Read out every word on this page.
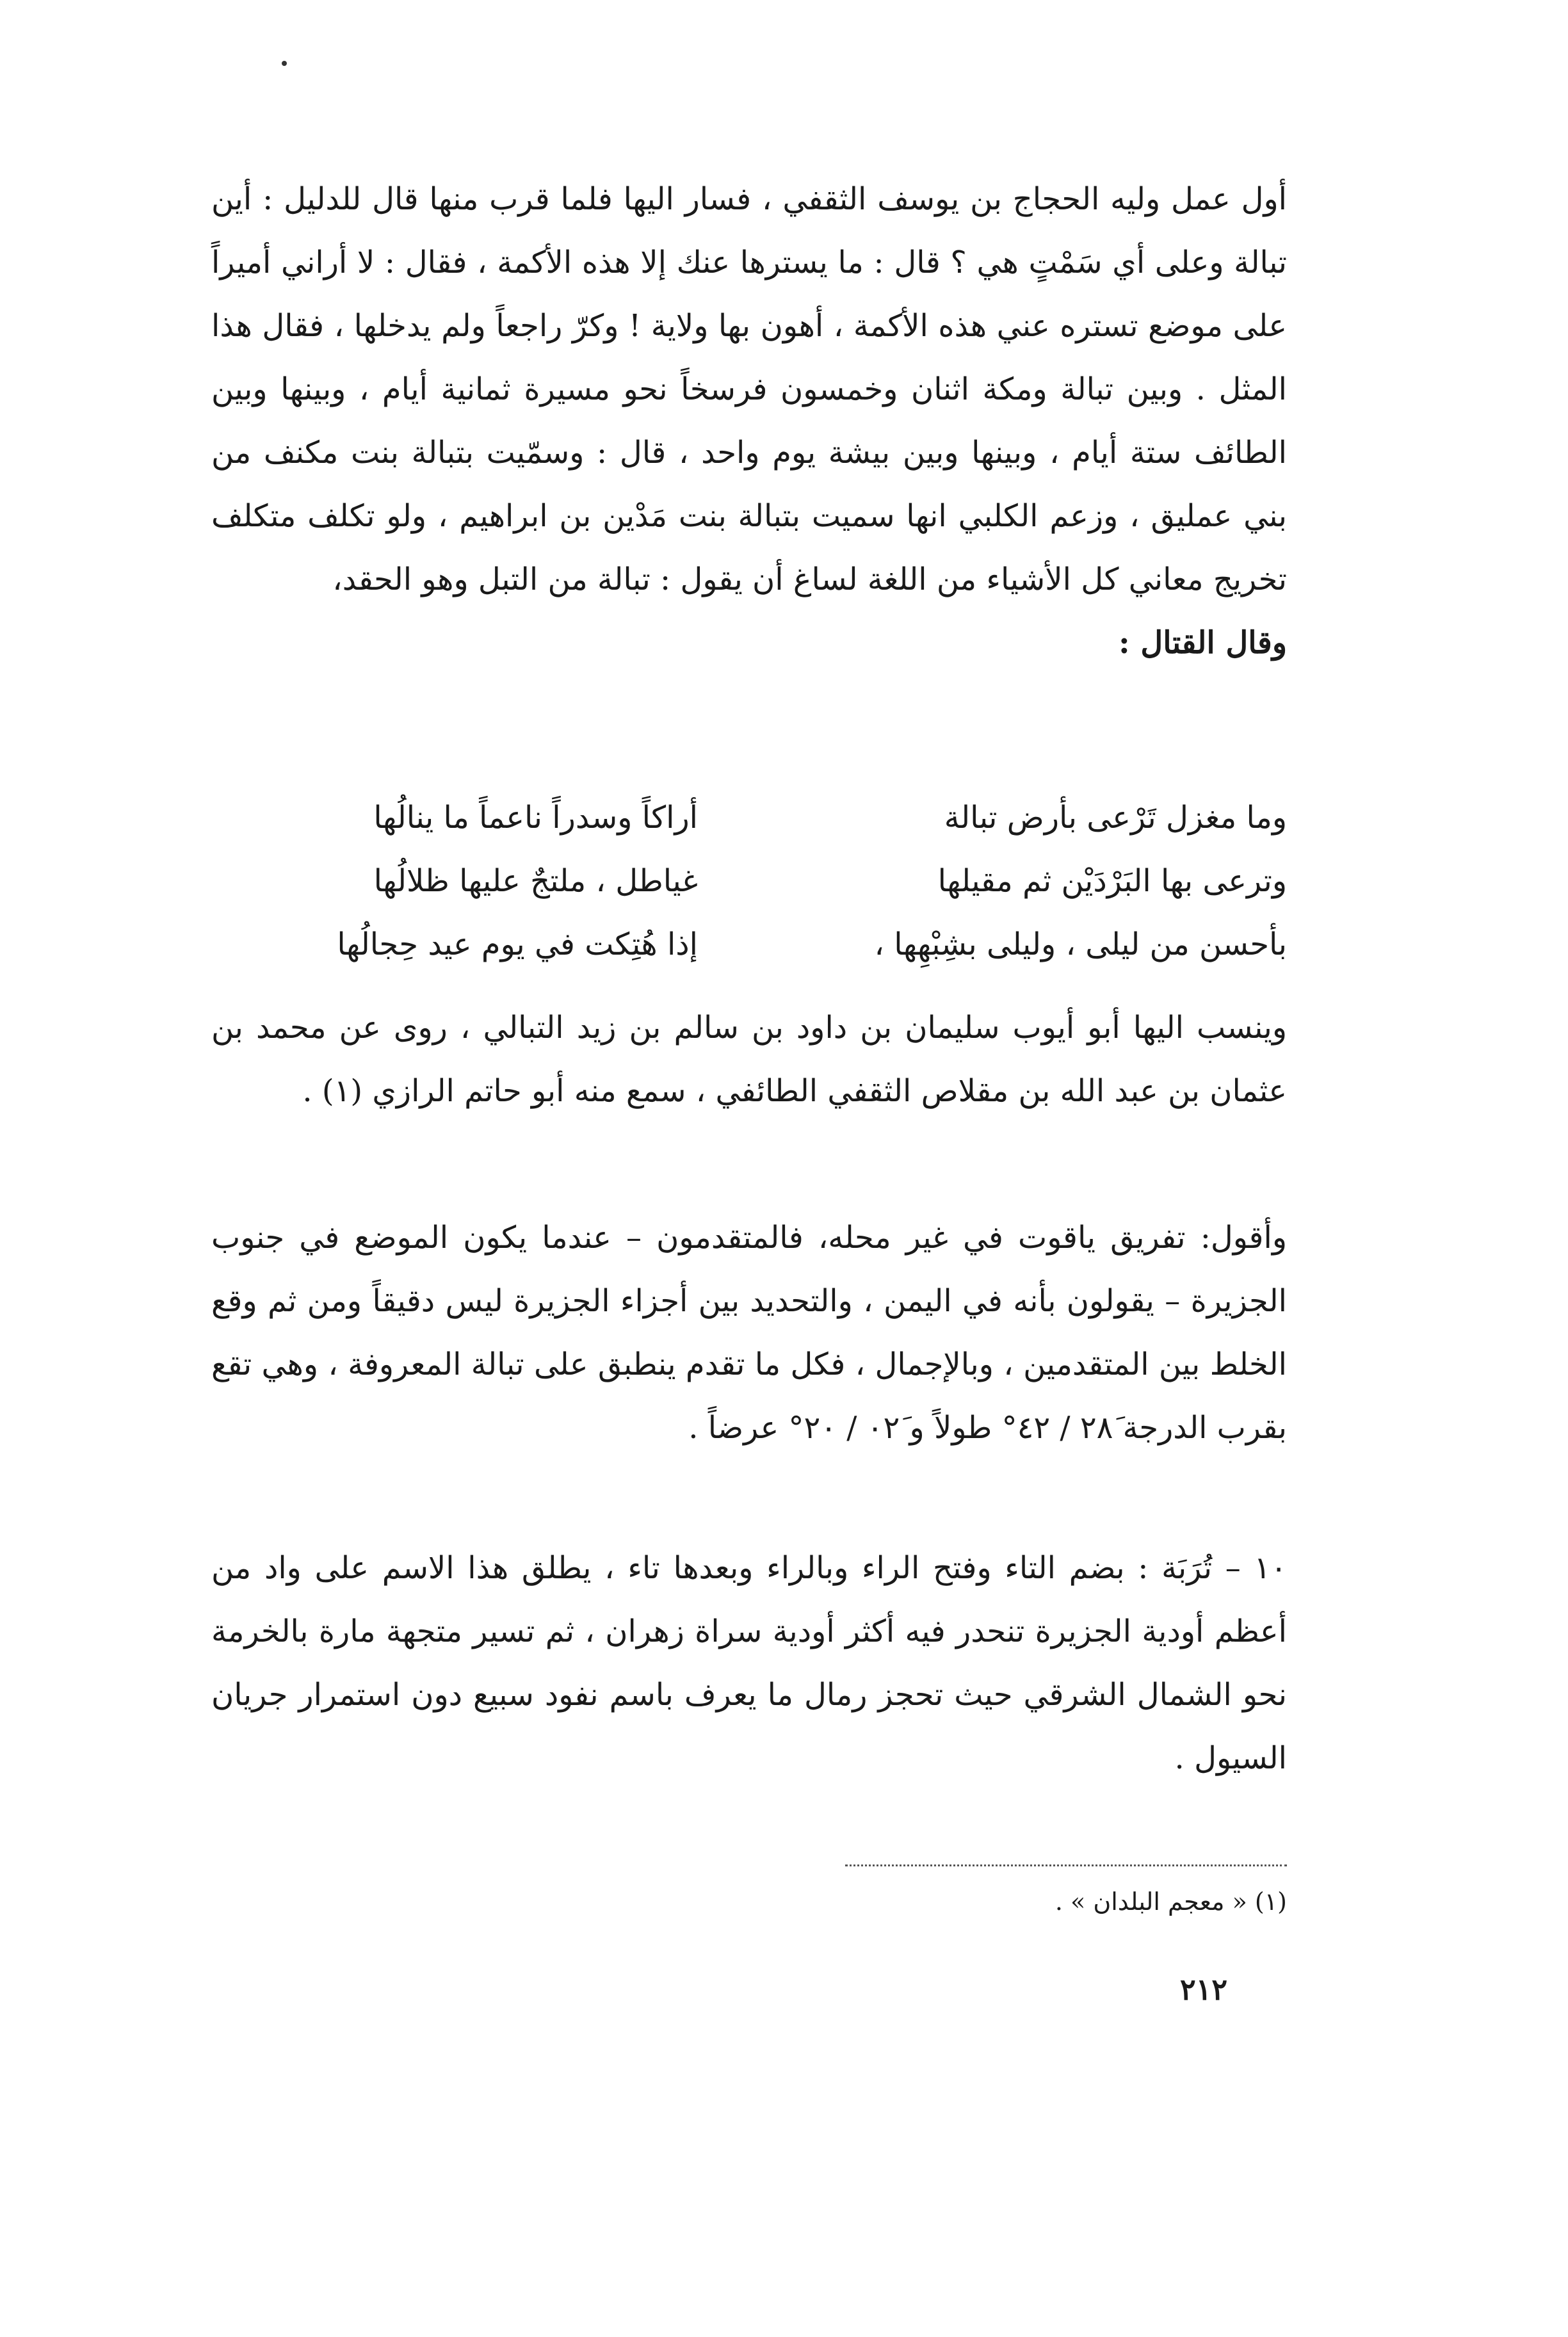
أول عمل وليه الحجاج بن يوسف الثقفي ، فسار اليها فلما قرب منها قال للدليل : أين تبالة وعلى أي سَمْتٍ هي ؟ قال : ما يسترها عنك إلا هذه الأكمة ، فقال : لا أراني أميراً على موضع تستره عني هذه الأكمة ، أهون بها ولاية ! وكرّ راجعاً ولم يدخلها ، فقال هذا المثل . وبين تبالة ومكة اثنان وخمسون فرسخاً نحو مسيرة ثمانية أيام ، وبينها وبين الطائف ستة أيام ، وبينها وبين بيشة يوم واحد ، قال : وسمّيت بتبالة بنت مكنف من بني عمليق ، وزعم الكلبي انها سميت بتبالة بنت مَدْين بن ابراهيم ، ولو تكلف متكلف تخريج معاني كل الأشياء من اللغة لساغ أن يقول : تبالة من التبل وهو الحقد،
وقال القتال :
وما مغزل تَرْعى بأرض تبالة
أراكاً وسدراً ناعماً ما ينالُها
وترعى بها البَرْدَيْن ثم مقيلها
غياطل ، ملتجٌ عليها ظلالُها
بأحسن من ليلى ، وليلى بشِبْهِها ،
إذا هُتِكت في يوم عيد حِجالُها
وينسب اليها أبو أيوب سليمان بن داود بن سالم بن زيد التبالي ، روى عن محمد بن عثمان بن عبد الله بن مقلاص الثقفي الطائفي ، سمع منه أبو حاتم الرازي (١) .
وأقول: تفريق ياقوت في غير محله، فالمتقدمون – عندما يكون الموضع في جنوب الجزيرة – يقولون بأنه في اليمن ، والتحديد بين أجزاء الجزيرة ليس دقيقاً ومن ثم وقع الخلط بين المتقدمين ، وبالإجمال ، فكل ما تقدم ينطبق على تبالة المعروفة ، وهي تقع بقرب الدرجة ٢٨َ / ٤٢° طولاً و ٠٢َ / ٢٠° عرضاً .
١٠ – تُرَبَة : بضم التاء وفتح الراء وبالراء وبعدها تاء ، يطلق هذا الاسم على واد من أعظم أودية الجزيرة تنحدر فيه أكثر أودية سراة زهران ، ثم تسير متجهة مارة بالخرمة نحو الشمال الشرقي حيث تحجز رمال ما يعرف باسم نفود سبيع دون استمرار جريان السيول .
(١) « معجم البلدان » .
٢١٢
